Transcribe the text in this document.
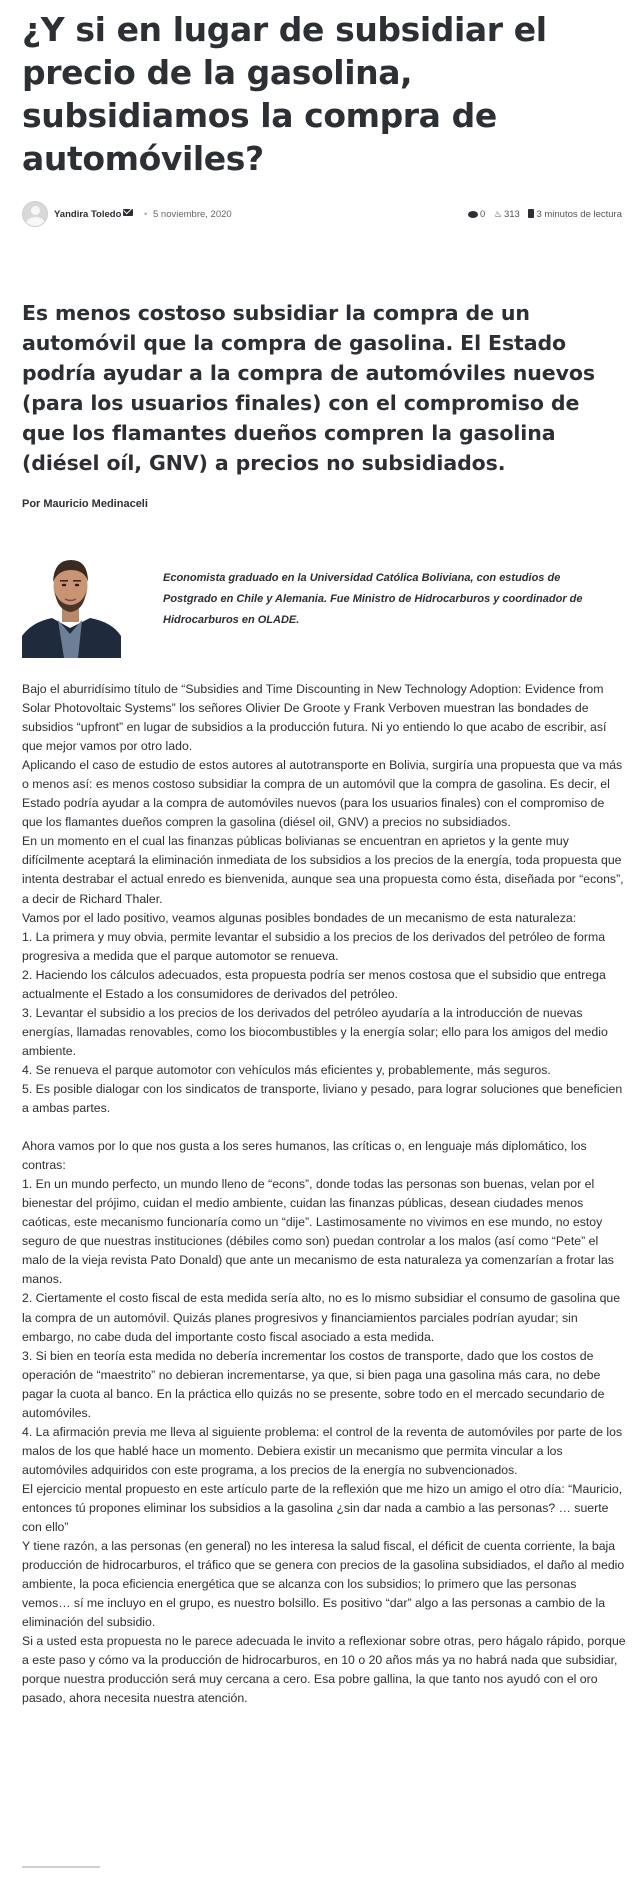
¿Y si en lugar de subsidiar el precio de la gasolina, subsidiamos la compra de automóviles?
Yandira Toledo • 5 noviembre, 2020	0 ♨ 313 3 minutos de lectura
Es menos costoso subsidiar la compra de un automóvil que la compra de gasolina. El Estado podría ayudar a la compra de automóviles nuevos (para los usuarios finales) con el compromiso de que los flamantes dueños compren la gasolina (diésel oíl, GNV) a precios no subsidiados.
Por Mauricio Medinaceli

Economista graduado en la Universidad Católica Boliviana, con estudios de Postgrado en Chile y Alemania. Fue Ministro de Hidrocarburos y coordinador de Hidrocarburos en OLADE.

Bajo el aburridísimo título de “Subsidies and Time Discounting in New Technology Adoption: Evidence from Solar Photovoltaic Systems” los señores Olivier De Groote y Frank Verboven muestran las bondades de subsidios “upfront” en lugar de subsidios a la producción futura. Ni yo entiendo lo que acabo de escribir, así que mejor vamos por otro lado.

Aplicando el caso de estudio de estos autores al autotransporte en Bolivia, surgiría una propuesta que va más o menos así: es menos costoso subsidiar la compra de un automóvil que la compra de gasolina. Es decir, el Estado podría ayudar a la compra de automóviles nuevos (para los usuarios finales) con el compromiso de que los flamantes dueños compren la gasolina (diésel oil, GNV) a precios no subsidiados.

En un momento en el cual las finanzas públicas bolivianas se encuentran en aprietos y la gente muy difícilmente aceptará la eliminación inmediata de los subsidios a los precios de la energía, toda propuesta que intenta destrabar el actual enredo es bienvenida, aunque sea una propuesta como ésta, diseñada por “econs”, a decir de Richard Thaler.

Vamos por el lado positivo, veamos algunas posibles bondades de un mecanismo de esta naturaleza:

1. La primera y muy obvia, permite levantar el subsidio a los precios de los derivados del petróleo de forma progresiva a medida que el parque automotor se renueva.

2. Haciendo los cálculos adecuados, esta propuesta podría ser menos costosa que el subsidio que entrega actualmente el Estado a los consumidores de derivados del petróleo.

3. Levantar el subsidio a los precios de los derivados del petróleo ayudaría a la introducción de nuevas energías, llamadas renovables, como los biocombustibles y la energía solar; ello para los amigos del medio ambiente.

4. Se renueva el parque automotor con vehículos más eficientes y, probablemente, más seguros.

5. Es posible dialogar con los sindicatos de transporte, liviano y pesado, para lograr soluciones que beneficien a ambas partes.

Ahora vamos por lo que nos gusta a los seres humanos, las críticas o, en lenguaje más diplomático, los contras:

1. En un mundo perfecto, un mundo lleno de “econs”, donde todas las personas son buenas, velan por el bienestar del prójimo, cuidan el medio ambiente, cuidan las finanzas públicas, desean ciudades menos caóticas, este mecanismo funcionaría como un “dije”. Lastimosamente no vivimos en ese mundo, no estoy seguro de que nuestras instituciones (débiles como son) puedan controlar a los malos (así como “Pete” el malo de la vieja revista Pato Donald) que ante un mecanismo de esta naturaleza ya comenzarían a frotar las manos.

2. Ciertamente el costo fiscal de esta medida sería alto, no es lo mismo subsidiar el consumo de gasolina que la compra de un automóvil. Quizás planes progresivos y financiamientos parciales podrían ayudar; sin embargo, no cabe duda del importante costo fiscal asociado a esta medida.

3. Si bien en teoría esta medida no debería incrementar los costos de transporte, dado que los costos de operación de “maestrito” no debieran incrementarse, ya que, si bien paga una gasolina más cara, no debe pagar la cuota al banco. En la práctica ello quizás no se presente, sobre todo en el mercado secundario de automóviles.

4. La afirmación previa me lleva al siguiente problema: el control de la reventa de automóviles por parte de los malos de los que hablé hace un momento. Debiera existir un mecanismo que permita vincular a los automóviles adquiridos con este programa, a los precios de la energía no subvencionados.

El ejercicio mental propuesto en este artículo parte de la reflexión que me hizo un amigo el otro día: “Mauricio, entonces tú propones eliminar los subsidios a la gasolina ¿sin dar nada a cambio a las personas? … suerte con ello”

Y tiene razón, a las personas (en general) no les interesa la salud fiscal, el déficit de cuenta corriente, la baja producción de hidrocarburos, el tráfico que se genera con precios de la gasolina subsidiados, el daño al medio ambiente, la poca eficiencia energética que se alcanza con los subsidios; lo primero que las personas vemos… sí me incluyo en el grupo, es nuestro bolsillo. Es positivo “dar” algo a las personas a cambio de la eliminación del subsidio.

Si a usted esta propuesta no le parece adecuada le invito a reflexionar sobre otras, pero hágalo rápido, porque a este paso y cómo va la producción de hidrocarburos, en 10 o 20 años más ya no habrá nada que subsidiar, porque nuestra producción será muy cercana a cero. Esa pobre gallina, la que tanto nos ayudó con el oro pasado, ahora necesita nuestra atención.
